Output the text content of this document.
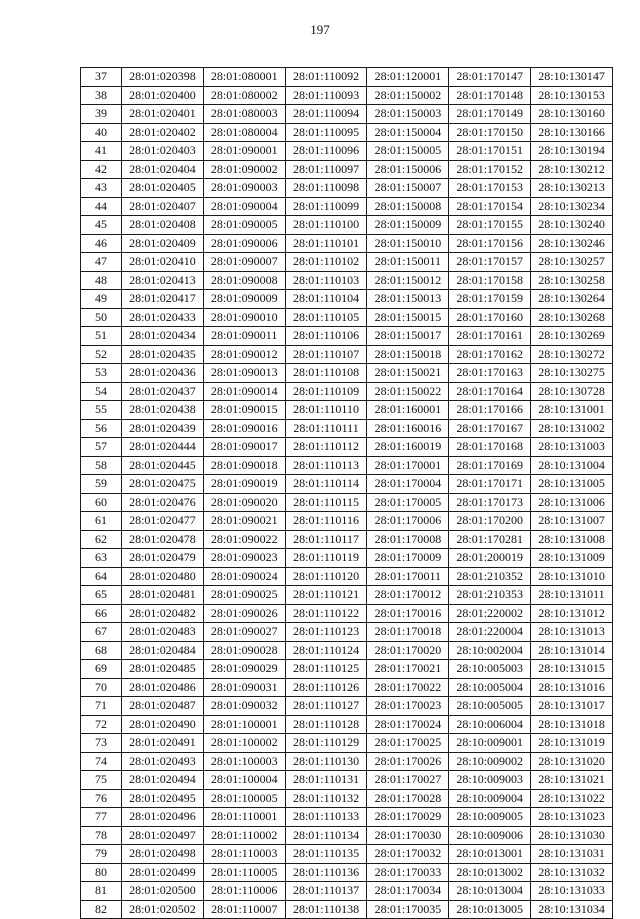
197
37	28:01:020398	28:01:080001	28:01:110092	28:01:120001	28:01:170147	28:10:130147
38	28:01:020400	28:01:080002	28:01:110093	28:01:150002	28:01:170148	28:10:130153
39	28:01:020401	28:01:080003	28:01:110094	28:01:150003	28:01:170149	28:10:130160
40	28:01:020402	28:01:080004	28:01:110095	28:01:150004	28:01:170150	28:10:130166
41	28:01:020403	28:01:090001	28:01:110096	28:01:150005	28:01:170151	28:10:130194
42	28:01:020404	28:01:090002	28:01:110097	28:01:150006	28:01:170152	28:10:130212
43	28:01:020405	28:01:090003	28:01:110098	28:01:150007	28:01:170153	28:10:130213
44	28:01:020407	28:01:090004	28:01:110099	28:01:150008	28:01:170154	28:10:130234
45	28:01:020408	28:01:090005	28:01:110100	28:01:150009	28:01:170155	28:10:130240
46	28:01:020409	28:01:090006	28:01:110101	28:01:150010	28:01:170156	28:10:130246
47	28:01:020410	28:01:090007	28:01:110102	28:01:150011	28:01:170157	28:10:130257
48	28:01:020413	28:01:090008	28:01:110103	28:01:150012	28:01:170158	28:10:130258
49	28:01:020417	28:01:090009	28:01:110104	28:01:150013	28:01:170159	28:10:130264
50	28:01:020433	28:01:090010	28:01:110105	28:01:150015	28:01:170160	28:10:130268
51	28:01:020434	28:01:090011	28:01:110106	28:01:150017	28:01:170161	28:10:130269
52	28:01:020435	28:01:090012	28:01:110107	28:01:150018	28:01:170162	28:10:130272
53	28:01:020436	28:01:090013	28:01:110108	28:01:150021	28:01:170163	28:10:130275
54	28:01:020437	28:01:090014	28:01:110109	28:01:150022	28:01:170164	28:10:130728
55	28:01:020438	28:01:090015	28:01:110110	28:01:160001	28:01:170166	28:10:131001
56	28:01:020439	28:01:090016	28:01:110111	28:01:160016	28:01:170167	28:10:131002
57	28:01:020444	28:01:090017	28:01:110112	28:01:160019	28:01:170168	28:10:131003
58	28:01:020445	28:01:090018	28:01:110113	28:01:170001	28:01:170169	28:10:131004
59	28:01:020475	28:01:090019	28:01:110114	28:01:170004	28:01:170171	28:10:131005
60	28:01:020476	28:01:090020	28:01:110115	28:01:170005	28:01:170173	28:10:131006
61	28:01:020477	28:01:090021	28:01:110116	28:01:170006	28:01:170200	28:10:131007
62	28:01:020478	28:01:090022	28:01:110117	28:01:170008	28:01:170281	28:10:131008
63	28:01:020479	28:01:090023	28:01:110119	28:01:170009	28:01:200019	28:10:131009
64	28:01:020480	28:01:090024	28:01:110120	28:01:170011	28:01:210352	28:10:131010
65	28:01:020481	28:01:090025	28:01:110121	28:01:170012	28:01:210353	28:10:131011
66	28:01:020482	28:01:090026	28:01:110122	28:01:170016	28:01:220002	28:10:131012
67	28:01:020483	28:01:090027	28:01:110123	28:01:170018	28:01:220004	28:10:131013
68	28:01:020484	28:01:090028	28:01:110124	28:01:170020	28:10:002004	28:10:131014
69	28:01:020485	28:01:090029	28:01:110125	28:01:170021	28:10:005003	28:10:131015
70	28:01:020486	28:01:090031	28:01:110126	28:01:170022	28:10:005004	28:10:131016
71	28:01:020487	28:01:090032	28:01:110127	28:01:170023	28:10:005005	28:10:131017
72	28:01:020490	28:01:100001	28:01:110128	28:01:170024	28:10:006004	28:10:131018
73	28:01:020491	28:01:100002	28:01:110129	28:01:170025	28:10:009001	28:10:131019
74	28:01:020493	28:01:100003	28:01:110130	28:01:170026	28:10:009002	28:10:131020
75	28:01:020494	28:01:100004	28:01:110131	28:01:170027	28:10:009003	28:10:131021
76	28:01:020495	28:01:100005	28:01:110132	28:01:170028	28:10:009004	28:10:131022
77	28:01:020496	28:01:110001	28:01:110133	28:01:170029	28:10:009005	28:10:131023
78	28:01:020497	28:01:110002	28:01:110134	28:01:170030	28:10:009006	28:10:131030
79	28:01:020498	28:01:110003	28:01:110135	28:01:170032	28:10:013001	28:10:131031
80	28:01:020499	28:01:110005	28:01:110136	28:01:170033	28:10:013002	28:10:131032
81	28:01:020500	28:01:110006	28:01:110137	28:01:170034	28:10:013004	28:10:131033
82	28:01:020502	28:01:110007	28:01:110138	28:01:170035	28:10:013005	28:10:131034
